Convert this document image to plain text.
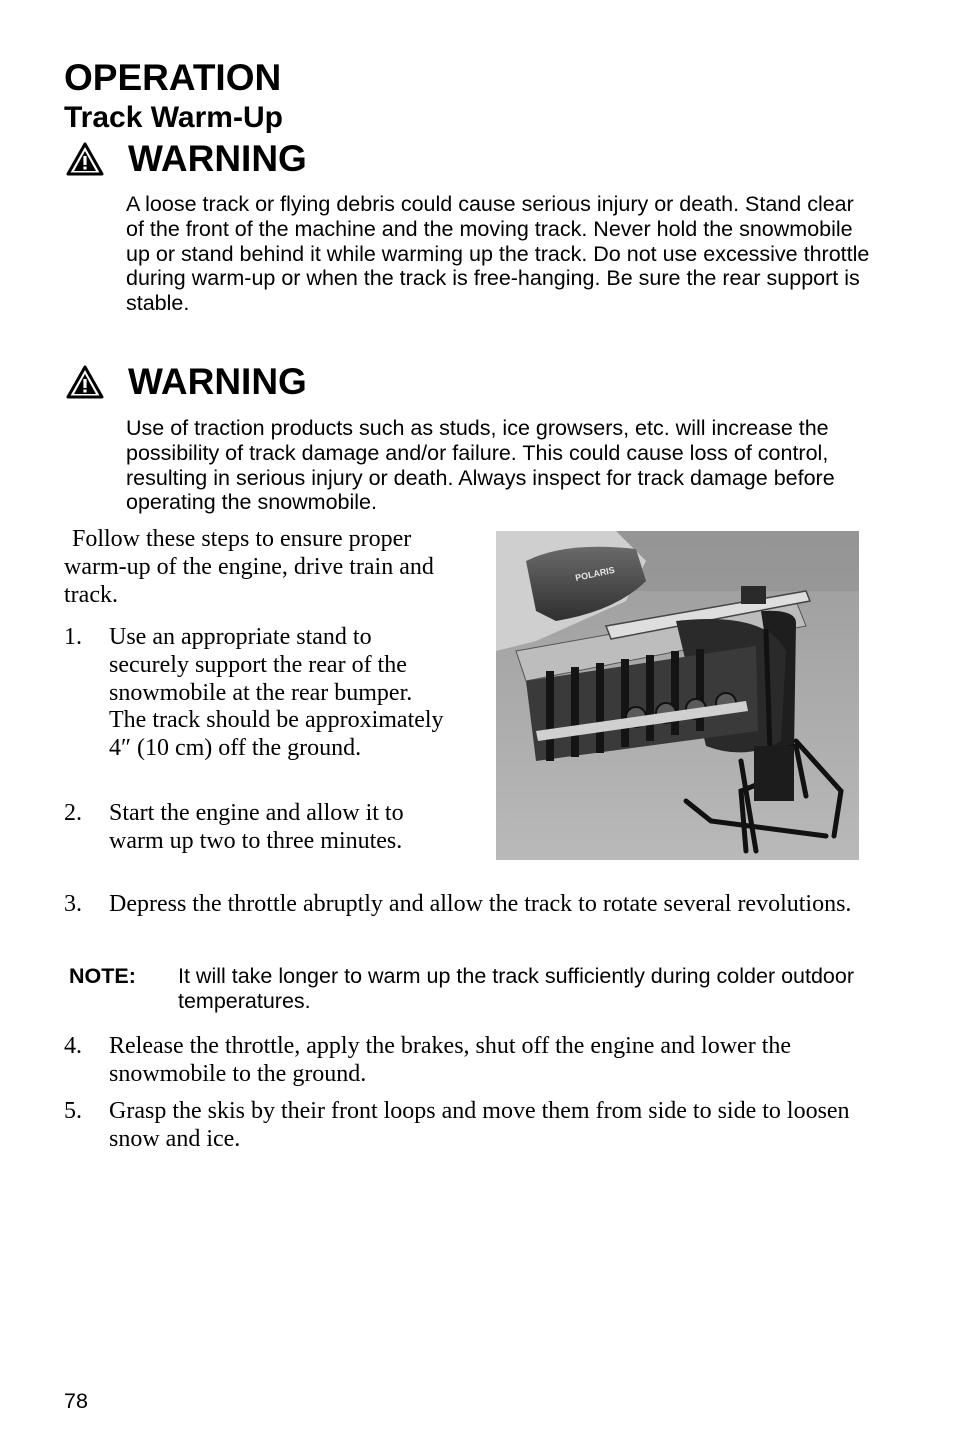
OPERATION
Track Warm-Up
WARNING

A loose track or flying debris could cause serious injury or death. Stand clear of the front of the machine and the moving track. Never hold the snowmobile up or stand behind it while warming up the track. Do not use excessive throttle during warm-up or when the track is free-hanging. Be sure the rear support is stable.

WARNING

Use of traction products such as studs, ice growsers, etc. will increase the possibility of track damage and/or failure. This could cause loss of control, resulting in serious injury or death. Always inspect for track damage before operating the snowmobile.

Follow these steps to ensure proper warm-up of the engine, drive train and track.

1. Use an appropriate stand to securely support the rear of the snowmobile at the rear bumper. The track should be approximately 4″ (10 cm) off the ground.
2. Start the engine and allow it to warm up two to three minutes.
POLARIS
3. Depress the throttle abruptly and allow the track to rotate several revolutions.
NOTE: It will take longer to warm up the track sufficiently during colder outdoor temperatures.

4. Release the throttle, apply the brakes, shut off the engine and lower the snowmobile to the ground.
5. Grasp the skis by their front loops and move them from side to side to loosen snow and ice.
78
